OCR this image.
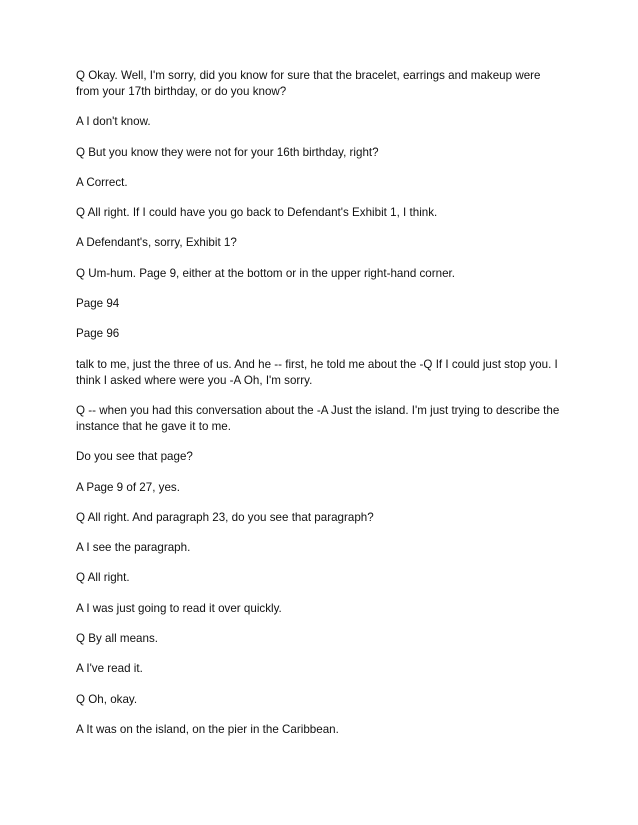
Q Okay. Well, I'm sorry, did you know for sure that the bracelet, earrings and makeup were from your 17th birthday, or do you know?

A I don't know.

Q But you know they were not for your 16th birthday, right?

A Correct.

Q All right. If I could have you go back to Defendant's Exhibit 1, I think.

A Defendant's, sorry, Exhibit 1?

Q Um-hum. Page 9, either at the bottom or in the upper right-hand corner.

Page 94

Page 96

talk to me, just the three of us. And he -- first, he told me about the -Q If I could just stop you. I think I asked where were you -A Oh, I'm sorry.

Q -- when you had this conversation about the -A Just the island. I'm just trying to describe the instance that he gave it to me.

Do you see that page?

A Page 9 of 27, yes.

Q All right. And paragraph 23, do you see that paragraph?

A I see the paragraph.

Q All right.

A I was just going to read it over quickly.

Q By all means.

A I've read it.

Q Oh, okay.

A It was on the island, on the pier in the Caribbean.
